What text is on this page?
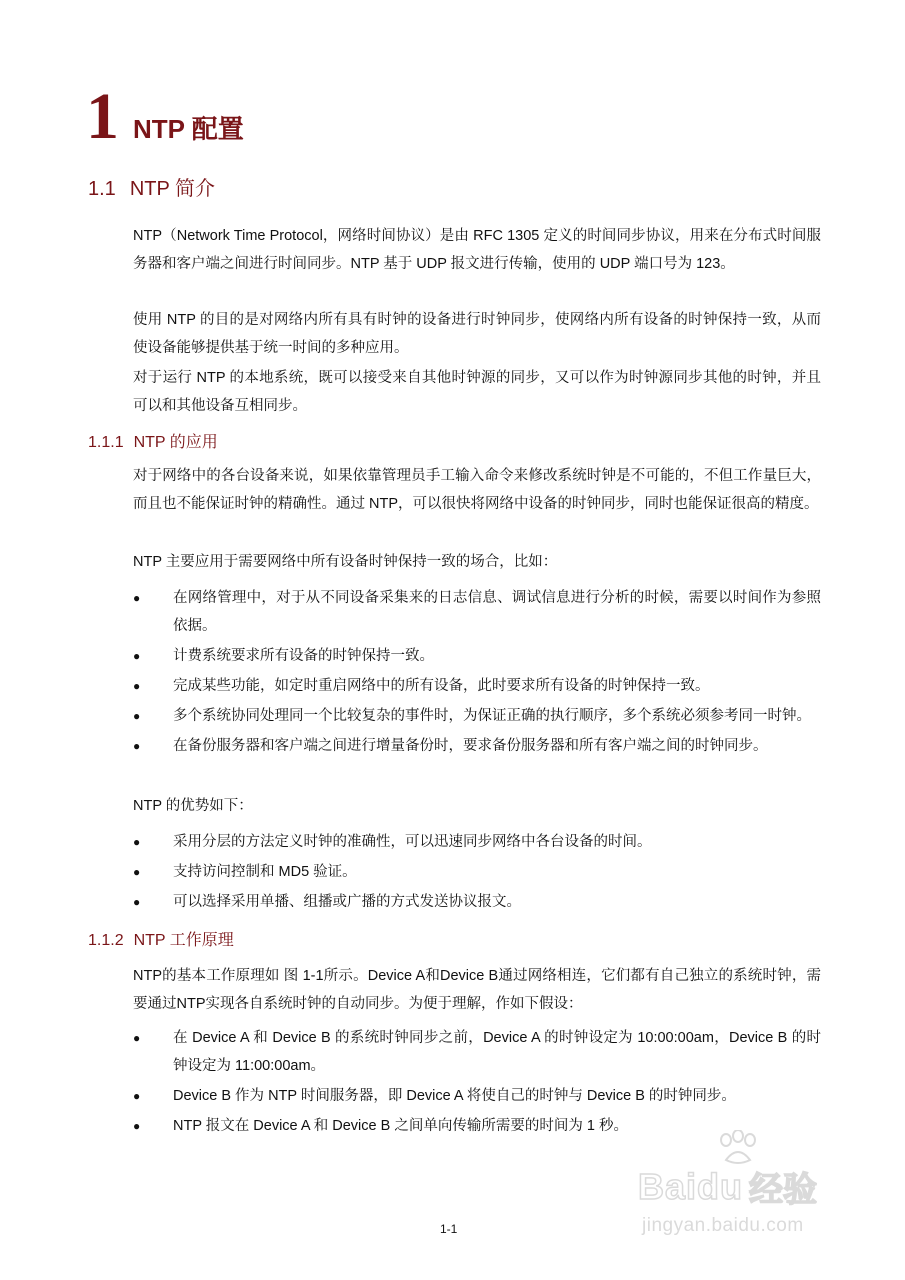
1 NTP 配置
1.1 NTP 简介

NTP（Network Time Protocol，网络时间协议）是由 RFC 1305 定义的时间同步协议，用来在分布式时间服务器和客户端之间进行时间同步。NTP 基于 UDP 报文进行传输，使用的 UDP 端口号为 123。

使用 NTP 的目的是对网络内所有具有时钟的设备进行时钟同步，使网络内所有设备的时钟保持一致，从而使设备能够提供基于统一时间的多种应用。

对于运行 NTP 的本地系统，既可以接受来自其他时钟源的同步，又可以作为时钟源同步其他的时钟，并且可以和其他设备互相同步。

1.1.1 NTP 的应用

对于网络中的各台设备来说，如果依靠管理员手工输入命令来修改系统时钟是不可能的，不但工作量巨大，而且也不能保证时钟的精确性。通过 NTP，可以很快将网络中设备的时钟同步，同时也能保证很高的精度。

NTP 主要应用于需要网络中所有设备时钟保持一致的场合，比如：

● 在网络管理中，对于从不同设备采集来的日志信息、调试信息进行分析的时候，需要以时间作为参照依据。
● 计费系统要求所有设备的时钟保持一致。
● 完成某些功能，如定时重启网络中的所有设备，此时要求所有设备的时钟保持一致。
● 多个系统协同处理同一个比较复杂的事件时，为保证正确的执行顺序，多个系统必须参考同一时钟。
● 在备份服务器和客户端之间进行增量备份时，要求备份服务器和所有客户端之间的时钟同步。

NTP 的优势如下：

● 采用分层的方法定义时钟的准确性，可以迅速同步网络中各台设备的时间。
● 支持访问控制和 MD5 验证。
● 可以选择采用单播、组播或广播的方式发送协议报文。
1.1.2 NTP 工作原理

NTP的基本工作原理如 图 1-1所示。Device A和Device B通过网络相连，它们都有自己独立的系统时钟，需要通过NTP实现各自系统时钟的自动同步。为便于理解，作如下假设：

● 在 Device A 和 Device B 的系统时钟同步之前，Device A 的时钟设定为 10:00:00am，Device B 的时钟设定为 11:00:00am。
● Device B 作为 NTP 时间服务器，即 Device A 将使自己的时钟与 Device B 的时钟同步。
● NTP 报文在 Device A 和 Device B 之间单向传输所需要的时间为 1 秒。
1-1
Bai du 经验
jingyan.baidu.com
